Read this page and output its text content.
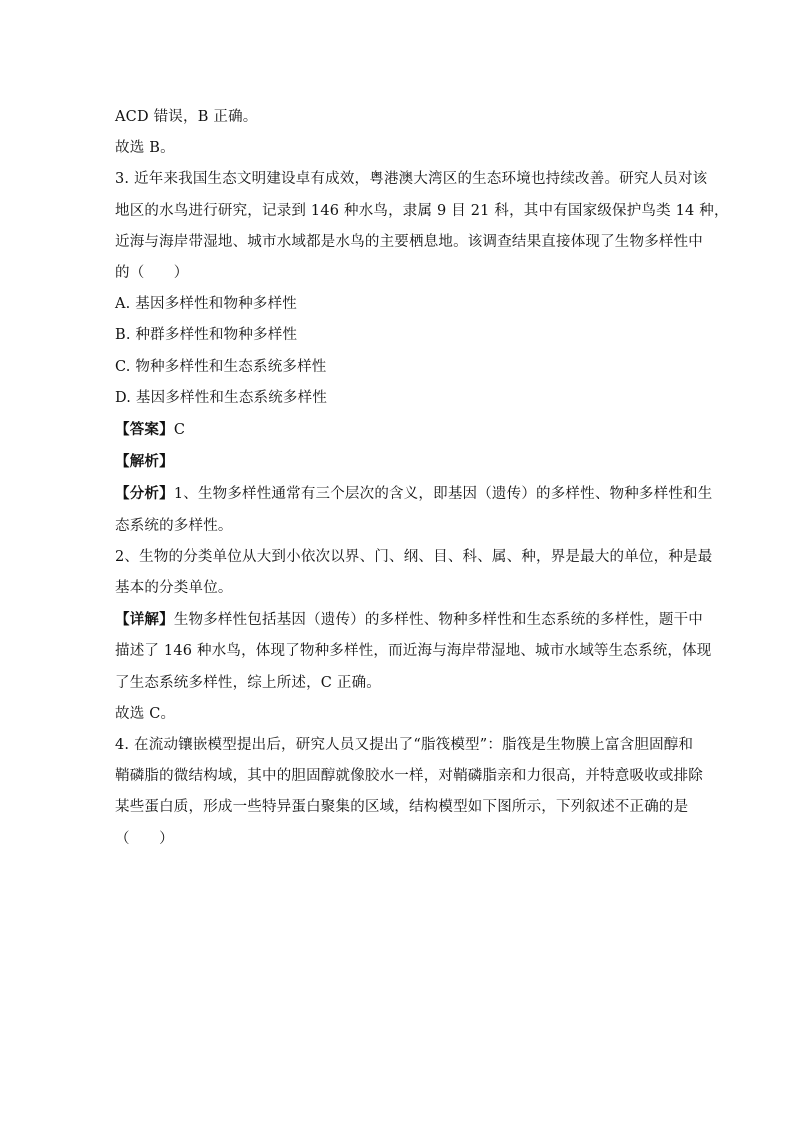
ACD 错误，B 正确。
故选 B。
3. 近年来我国生态文明建设卓有成效，粤港澳大湾区的生态环境也持续改善。研究人员对该
地区的水鸟进行研究，记录到 146 种水鸟，隶属 9 目 21 科，其中有国家级保护鸟类 14 种，
近海与海岸带湿地、城市水域都是水鸟的主要栖息地。该调查结果直接体现了生物多样性中
的（　　）
A. 基因多样性和物种多样性
B. 种群多样性和物种多样性
C. 物种多样性和生态系统多样性
D. 基因多样性和生态系统多样性
【答案】C
【解析】
【分析】1、生物多样性通常有三个层次的含义，即基因（遗传）的多样性、物种多样性和生
态系统的多样性。
2、生物的分类单位从大到小依次以界、门、纲、目、科、属、种，界是最大的单位，种是最
基本的分类单位。
【详解】生物多样性包括基因（遗传）的多样性、物种多样性和生态系统的多样性，题干中
描述了 146 种水鸟，体现了物种多样性，而近海与海岸带湿地、城市水域等生态系统，体现
了生态系统多样性，综上所述，C 正确。
故选 C。
4. 在流动镶嵌模型提出后，研究人员又提出了“脂筏模型”：脂筏是生物膜上富含胆固醇和
鞘磷脂的微结构域，其中的胆固醇就像胶水一样，对鞘磷脂亲和力很高，并特意吸收或排除
某些蛋白质，形成一些特异蛋白聚集的区域，结构模型如下图所示，下列叙述不正确的是
（　　）
